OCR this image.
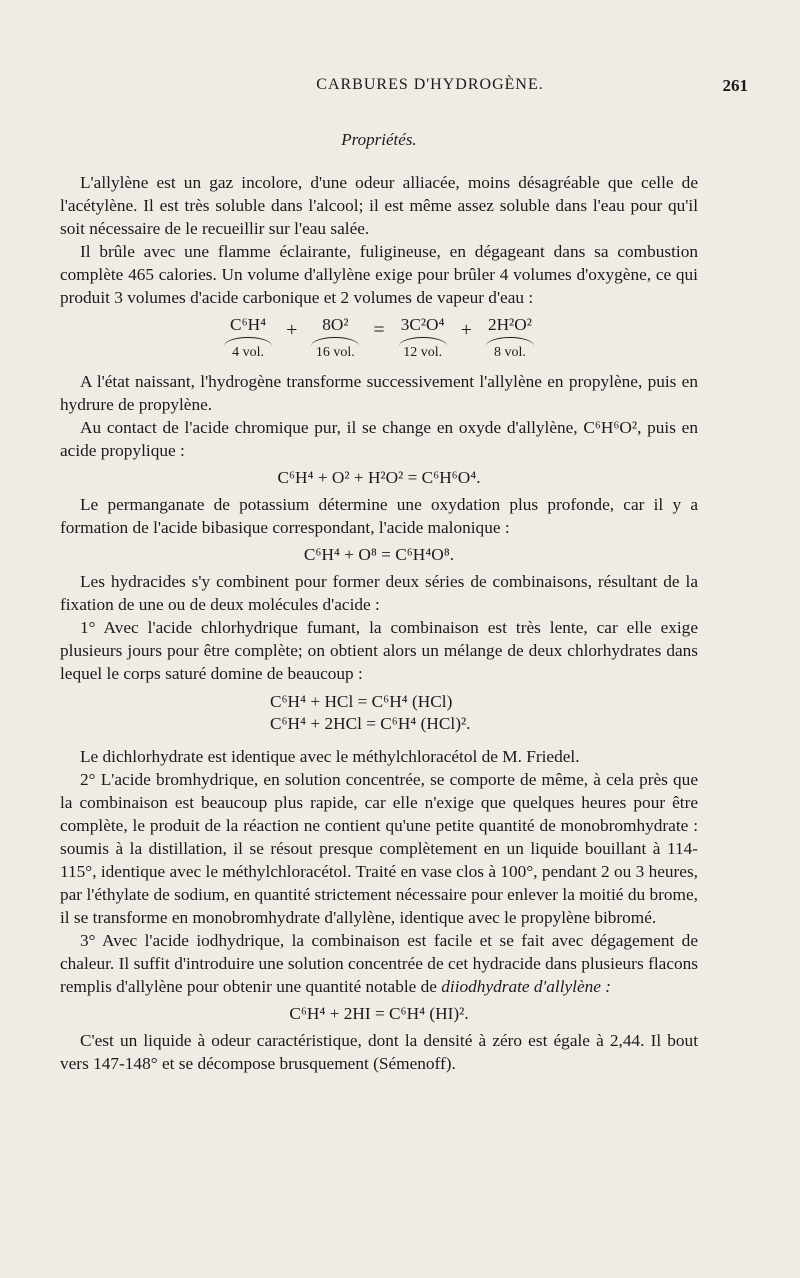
CARBURES D'HYDROGÈNE.	261
Propriétés.

L'allylène est un gaz incolore, d'une odeur alliacée, moins désagréable que celle de l'acétylène. Il est très soluble dans l'alcool; il est même assez soluble dans l'eau pour qu'il soit nécessaire de le recueillir sur l'eau salée.

Il brûle avec une flamme éclairante, fuligineuse, en dégageant dans sa combustion complète 465 calories. Un volume d'allylène exige pour brûler 4 volumes d'oxygène, ce qui produit 3 volumes d'acide carbonique et 2 volumes de vapeur d'eau :

C⁶H⁴
4 vol.
+ 8O²
16 vol.
= 3C²O⁴
12 vol.
+ 2H²O²
8 vol.

A l'état naissant, l'hydrogène transforme successivement l'allylène en propylène, puis en hydrure de propylène.

Au contact de l'acide chromique pur, il se change en oxyde d'allylène, C⁶H⁶O², puis en acide propylique :

C⁶H⁴ + O² + H²O² = C⁶H⁶O⁴.

Le permanganate de potassium détermine une oxydation plus profonde, car il y a formation de l'acide bibasique correspondant, l'acide malonique :

C⁶H⁴ + O⁸ = C⁶H⁴O⁸.

Les hydracides s'y combinent pour former deux séries de combinaisons, résultant de la fixation de une ou de deux molécules d'acide :

1° Avec l'acide chlorhydrique fumant, la combinaison est très lente, car elle exige plusieurs jours pour être complète; on obtient alors un mélange de deux chlorhydrates dans lequel le corps saturé domine de beaucoup :

C⁶H⁴ + HCl = C⁶H⁴ (HCl)
C⁶H⁴ + 2HCl = C⁶H⁴ (HCl)².

Le dichlorhydrate est identique avec le méthylchloracétol de M. Friedel.

2° L'acide bromhydrique, en solution concentrée, se comporte de même, à cela près que la combinaison est beaucoup plus rapide, car elle n'exige que quelques heures pour être complète, le produit de la réaction ne contient qu'une petite quantité de monobromhydrate : soumis à la distillation, il se résout presque complètement en un liquide bouillant à 114-115°, identique avec le méthylchloracétol. Traité en vase clos à 100°, pendant 2 ou 3 heures, par l'éthylate de sodium, en quantité strictement nécessaire pour enlever la moitié du brome, il se transforme en monobromhydrate d'allylène, identique avec le propylène bibromé.

3° Avec l'acide iodhydrique, la combinaison est facile et se fait avec dégagement de chaleur. Il suffit d'introduire une solution concentrée de cet hydracide dans plusieurs flacons remplis d'allylène pour obtenir une quantité notable de diiodhydrate d'allylène :

C⁶H⁴ + 2HI = C⁶H⁴ (HI)².

C'est un liquide à odeur caractéristique, dont la densité à zéro est égale à 2,44. Il bout vers 147-148° et se décompose brusquement (Sémenoff).
